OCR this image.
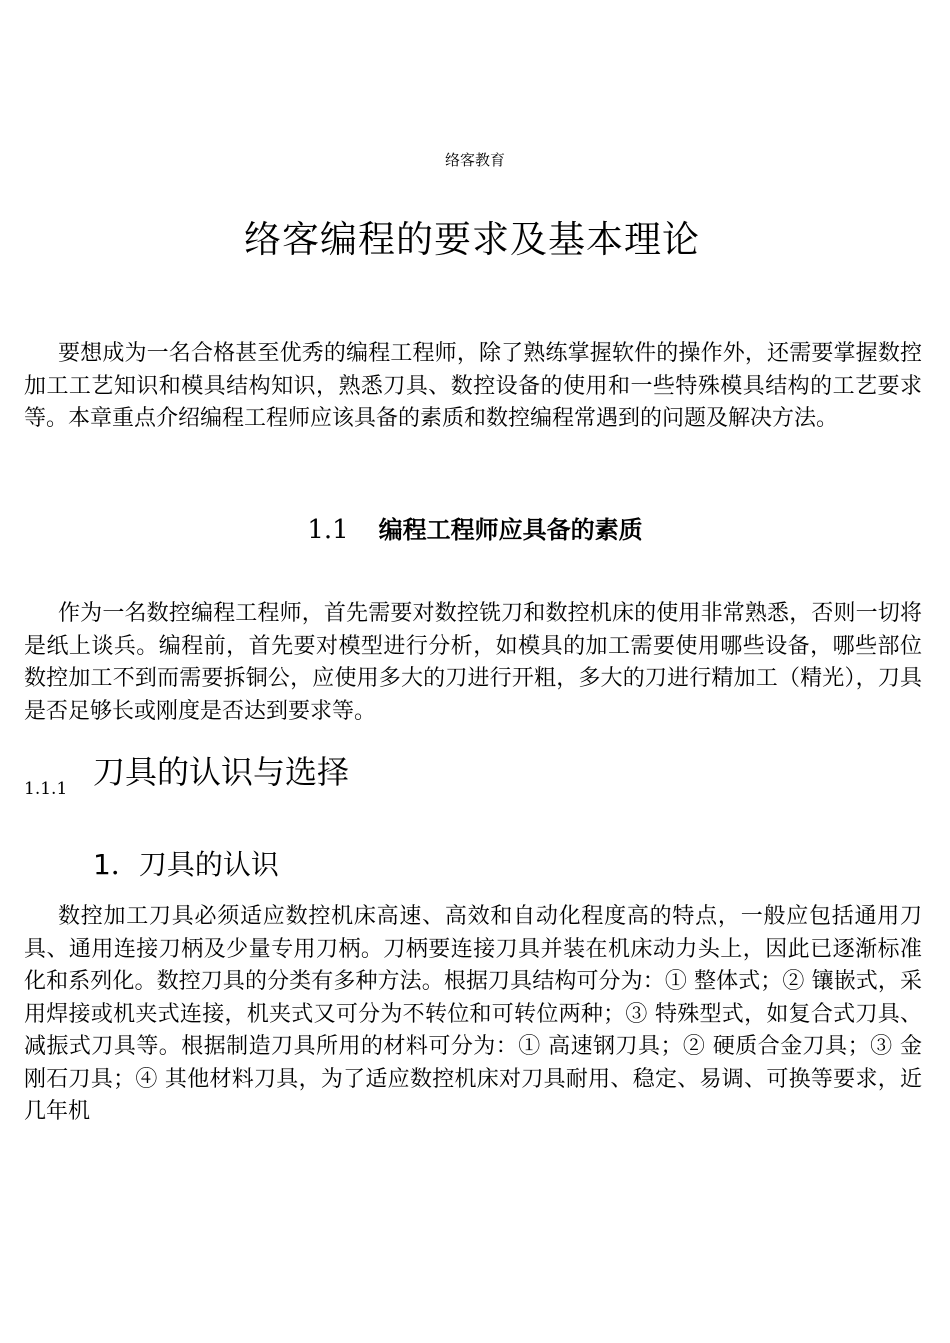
络客教育
络客编程的要求及基本理论

要想成为一名合格甚至优秀的编程工程师，除了熟练掌握软件的操作外，还需要掌握数控加工工艺知识和模具结构知识，熟悉刀具、数控设备的使用和一些特殊模具结构的工艺要求等。本章重点介绍编程工程师应该具备的素质和数控编程常遇到的问题及解决方法。

1.1 编程工程师应具备的素质

作为一名数控编程工程师，首先需要对数控铣刀和数控机床的使用非常熟悉，否则一切将是纸上谈兵。编程前，首先要对模型进行分析，如模具的加工需要使用哪些设备，哪些部位数控加工不到而需要拆铜公，应使用多大的刀进行开粗，多大的刀进行精加工（精光），刀具是否足够长或刚度是否达到要求等。

1.1.1 刀具的认识与选择
1．刀具的认识

数控加工刀具必须适应数控机床高速、高效和自动化程度高的特点，一般应包括通用刀具、通用连接刀柄及少量专用刀柄。刀柄要连接刀具并装在机床动力头上，因此已逐渐标准化和系列化。数控刀具的分类有多种方法。根据刀具结构可分为：① 整体式；② 镶嵌式，采用焊接或机夹式连接，机夹式又可分为不转位和可转位两种；③ 特殊型式，如复合式刀具、减振式刀具等。根据制造刀具所用的材料可分为：① 高速钢刀具；② 硬质合金刀具；③ 金刚石刀具；④ 其他材料刀具，为了适应数控机床对刀具耐用、稳定、易调、可换等要求，近几年机
